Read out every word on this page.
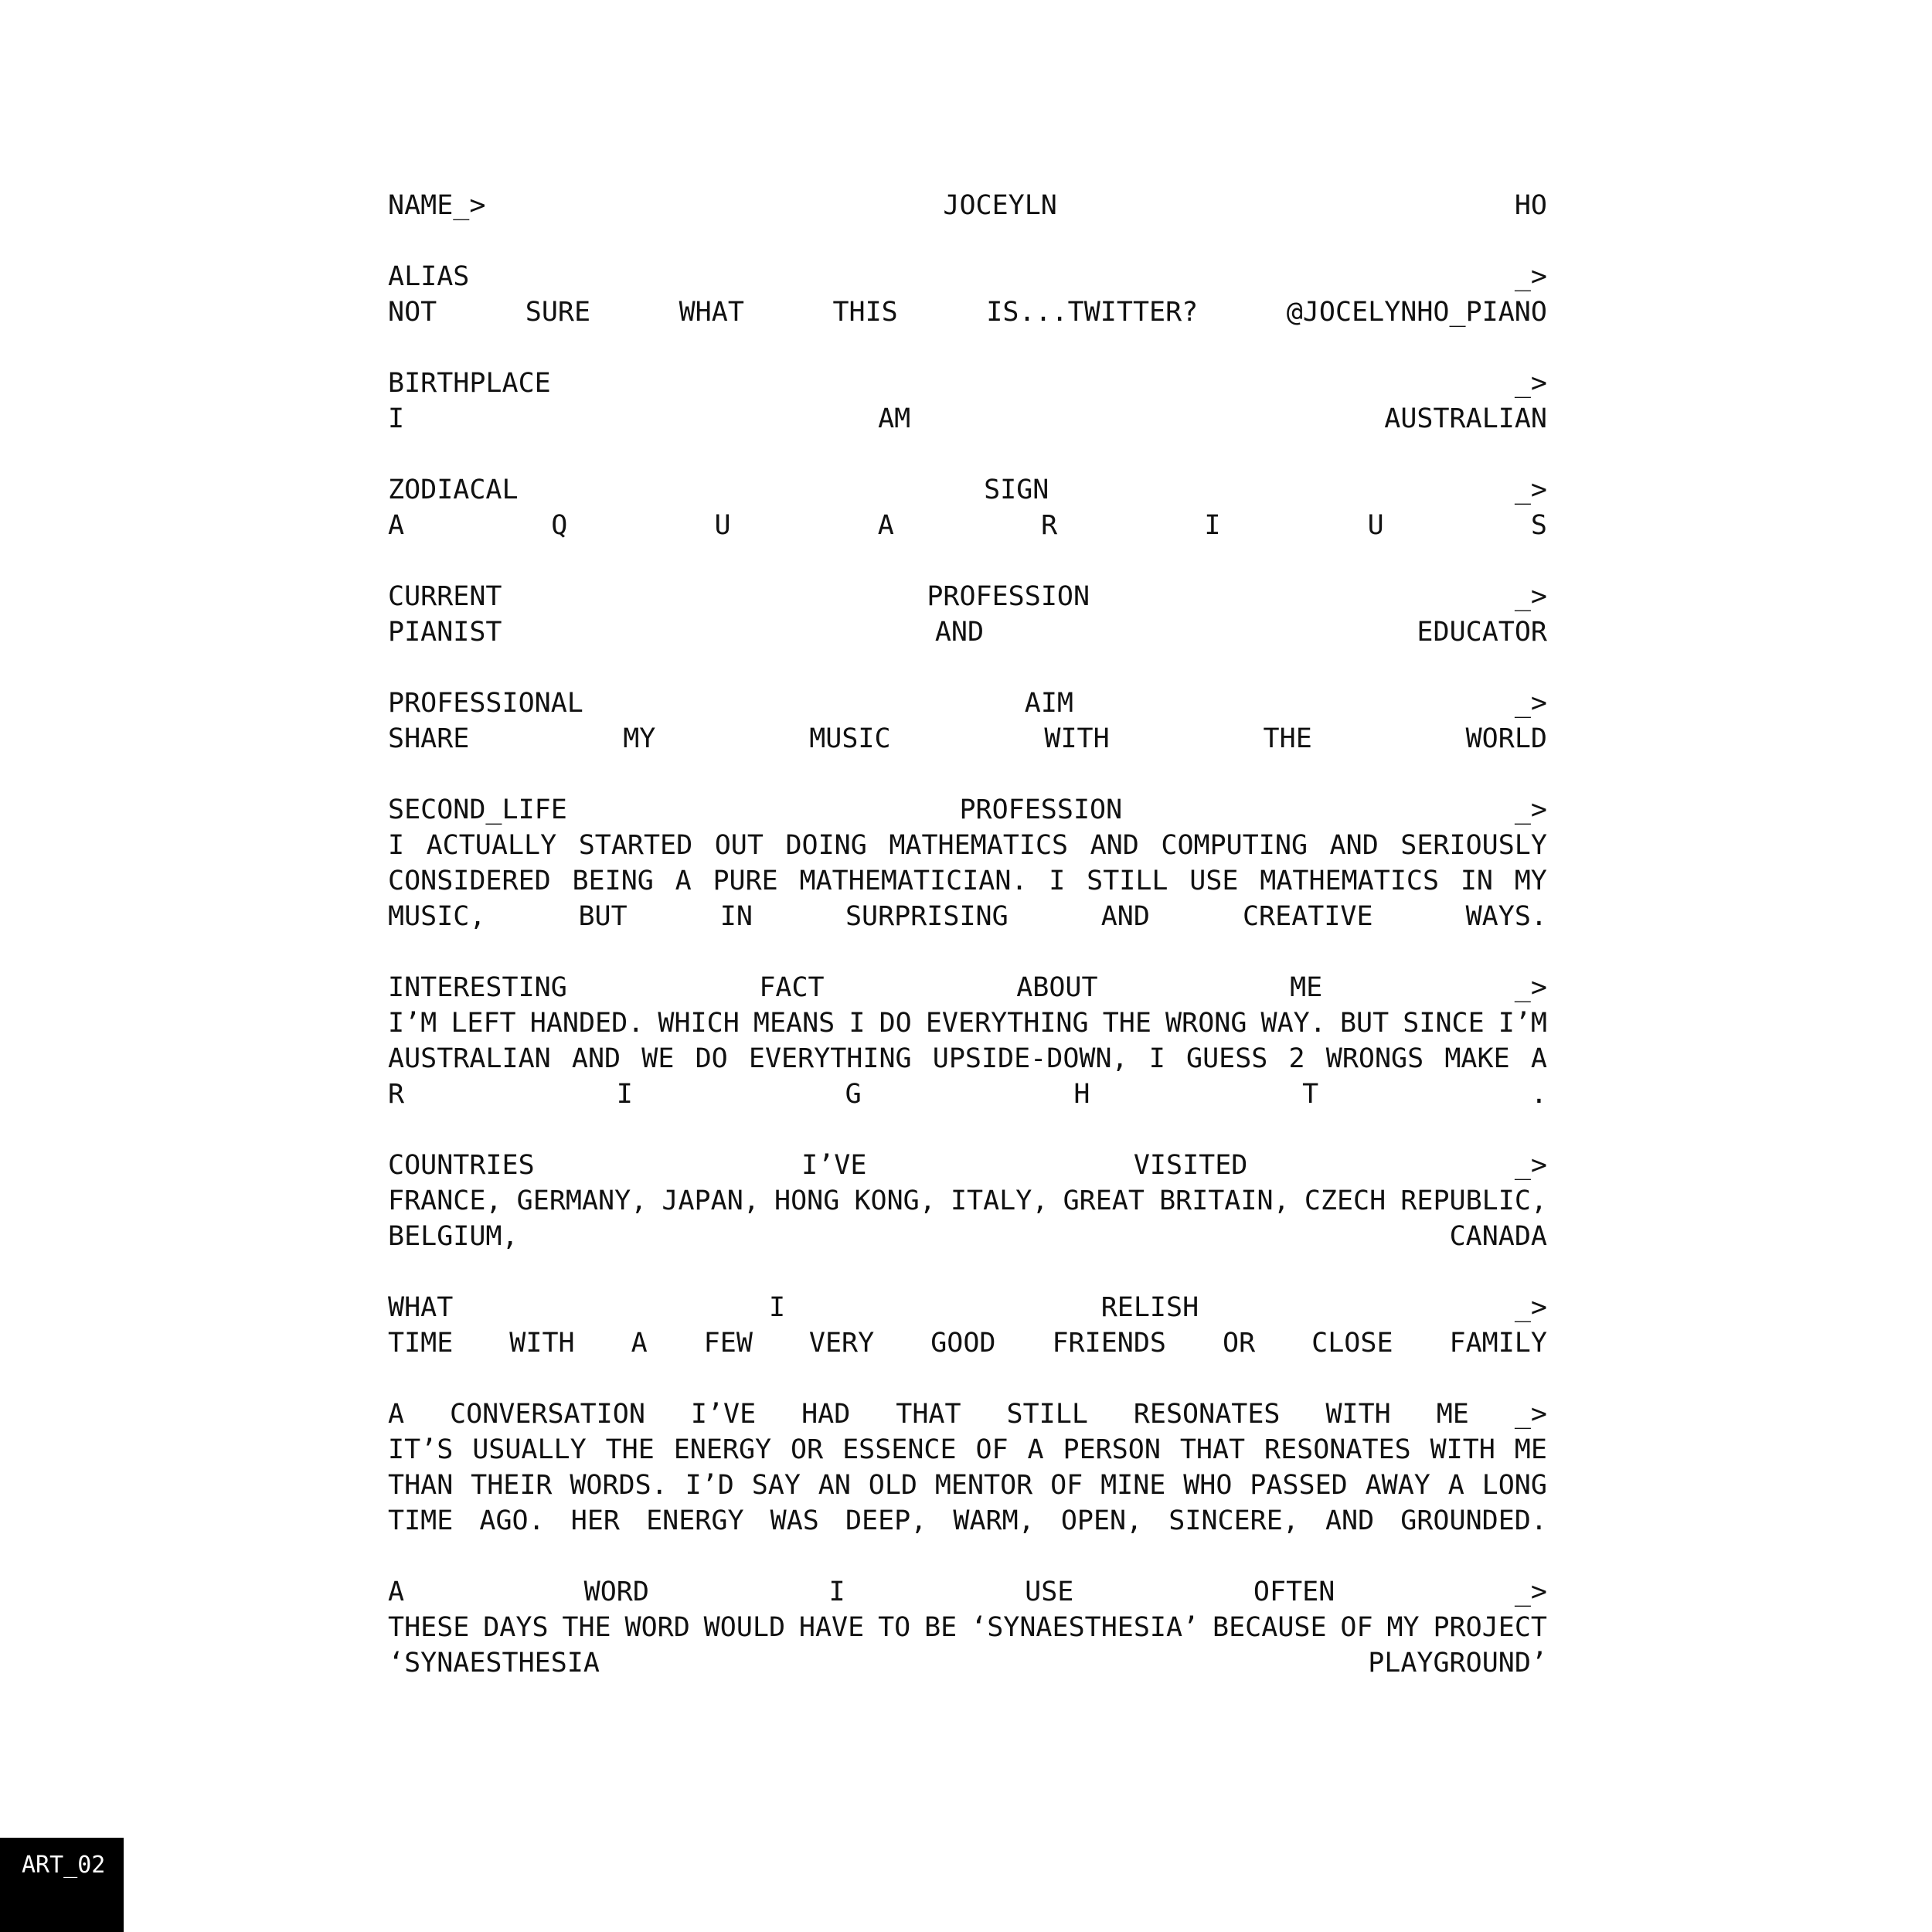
NAME_>	JOCEYLN	HO
ALIAS	_>
NOT	SURE	WHAT	THIS	IS...TWITTER?	@JOCELYNHO_PIANO
BIRTHPLACE	_>
I	AM	AUSTRALIAN
ZODIACAL	SIGN	_>
A	Q	U	A	R	I	U	S
CURRENT	PROFESSION	_>
PIANIST	AND	EDUCATOR
PROFESSIONAL	AIM	_>
SHARE	MY	MUSIC	WITH	THE	WORLD
SECOND_LIFE	PROFESSION	_>
I ACTUALLY STARTED OUT DOING MATHEMATICS AND COMPUTING AND SERIOUSLY
CONSIDERED BEING A PURE MATHEMATICIAN. I STILL USE MATHEMATICS IN MY
MUSIC,	BUT	IN	SURPRISING	AND	CREATIVE	WAYS.
INTERESTING	FACT	ABOUT	ME	_>
I’M LEFT HANDED. WHICH MEANS I DO EVERYTHING THE WRONG WAY. BUT SINCE I’M
AUSTRALIAN AND WE DO EVERYTHING UPSIDE-DOWN, I GUESS 2 WRONGS MAKE A
R	I	G	H	T	.
COUNTRIES	I’VE	VISITED	_>
FRANCE, GERMANY, JAPAN, HONG KONG, ITALY, GREAT BRITAIN, CZECH REPUBLIC,
BELGIUM,	CANADA
WHAT	I	RELISH	_>
TIME WITH A FEW VERY GOOD FRIENDS OR CLOSE FAMILY
A CONVERSATION I’VE HAD THAT STILL RESONATES WITH ME _>
IT’S USUALLY THE ENERGY OR ESSENCE OF A PERSON THAT RESONATES WITH ME
THAN THEIR WORDS. I’D SAY AN OLD MENTOR OF MINE WHO PASSED AWAY A LONG
TIME AGO. HER ENERGY WAS DEEP, WARM, OPEN, SINCERE, AND GROUNDED.
A	WORD	I	USE	OFTEN	_>
THESE DAYS THE WORD WOULD HAVE TO BE ‘SYNAESTHESIA’ BECAUSE OF MY PROJECT
‘SYNAESTHESIA	PLAYGROUND’
ART_02
